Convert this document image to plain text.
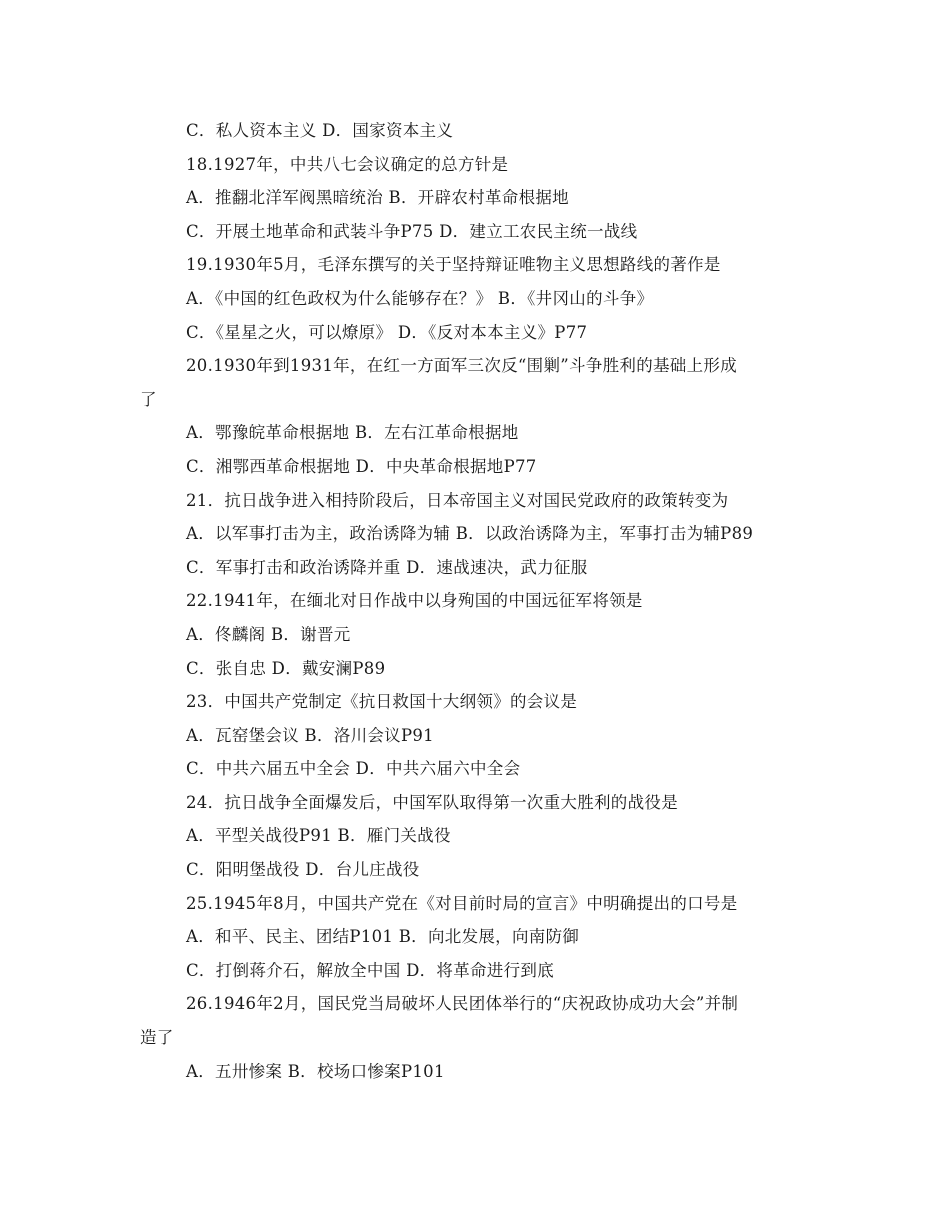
C．私人资本主义 D．国家资本主义
18.1927年，中共八七会议确定的总方针是
A．推翻北洋军阀黑暗统治 B．开辟农村革命根据地
C．开展土地革命和武装斗争P75 D．建立工农民主统一战线
19.1930年5月，毛泽东撰写的关于坚持辩证唯物主义思想路线的著作是
A．《中国的红色政权为什么能够存在？》 B．《井冈山的斗争》
C．《星星之火，可以燎原》 D．《反对本本主义》P77
20.1930年到1931年，在红一方面军三次反“围剿”斗争胜利的基础上形成
了
A．鄂豫皖革命根据地 B．左右江革命根据地
C．湘鄂西革命根据地 D．中央革命根据地P77
21．抗日战争进入相持阶段后，日本帝国主义对国民党政府的政策转变为
A．以军事打击为主，政治诱降为辅 B．以政治诱降为主，军事打击为辅P89
C．军事打击和政治诱降并重 D．速战速决，武力征服
22.1941年，在缅北对日作战中以身殉国的中国远征军将领是
A．佟麟阁 B．谢晋元
C．张自忠 D．戴安澜P89
23．中国共产党制定《抗日救国十大纲领》的会议是
A．瓦窑堡会议 B．洛川会议P91
C．中共六届五中全会 D．中共六届六中全会
24．抗日战争全面爆发后，中国军队取得第一次重大胜利的战役是
A．平型关战役P91 B．雁门关战役
C．阳明堡战役 D．台儿庄战役
25.1945年8月，中国共产党在《对目前时局的宣言》中明确提出的口号是
A．和平、民主、团结P101 B．向北发展，向南防御
C．打倒蒋介石，解放全中国 D．将革命进行到底
26.1946年2月，国民党当局破坏人民团体举行的“庆祝政协成功大会”并制
造了
A．五卅惨案 B．校场口惨案P101
